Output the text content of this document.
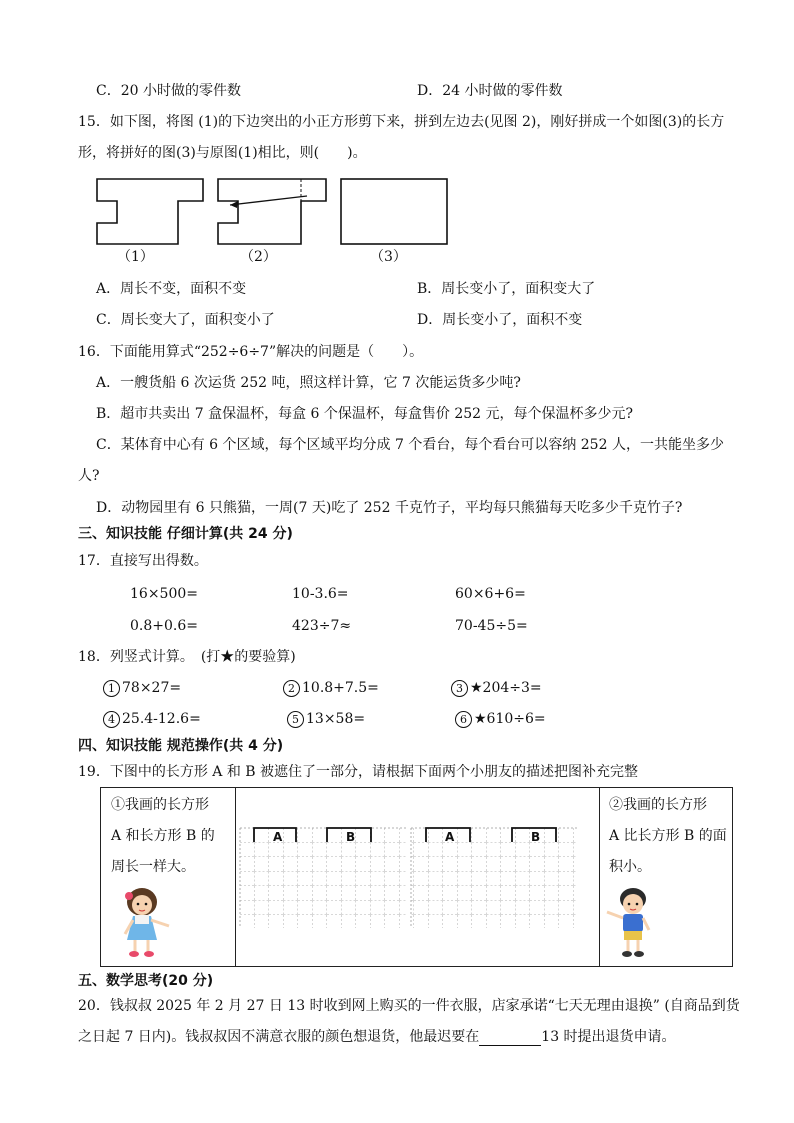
C．20 小时做的零件数	D．24 小时做的零件数
15．如下图，将图 (1)的下边突出的小正方形剪下来，拼到左边去(见图 2)，刚好拼成一个如图(3)的长方
形，将拼好的图(3)与原图(1)相比，则(　　)。
（1）	（2）	（3）
A．周长不变，面积不变	B．周长变小了，面积变大了
C．周长变大了，面积变小了	D．周长变小了，面积不变
16．下面能用算式“252÷6÷7”解决的问题是（　　）。
A．一艘货船 6 次运货 252 吨，照这样计算，它 7 次能运货多少吨?
B．超市共卖出 7 盒保温杯，每盒 6 个保温杯，每盒售价 252 元，每个保温杯多少元?
C．某体育中心有 6 个区域，每个区域平均分成 7 个看台，每个看台可以容纳 252 人，一共能坐多少
人?
D．动物园里有 6 只熊猫，一周(7 天)吃了 252 千克竹子，平均每只熊猫每天吃多少千克竹子?
三、知识技能 仔细计算(共 24 分)
17．直接写出得数。
16×500=	10-3.6=	60×6+6=
0.8+0.6=	423÷7≈	70-45÷5=
18．列竖式计算。　(打★的要验算)
1 78×27=	2 10.8+7.5=	3 ★204÷3=
4 25.4-12.6=	5 13×58=	6 ★610÷6=
四、知识技能 规范操作(共 4 分)
19．下图中的长方形 A 和 B 被遮住了一部分，请根据下面两个小朋友的描述把图补充完整
①我画的长方形
A 和长方形 B 的
周长一样大。
②我画的长方形
A 比长方形 B 的面
积小。
A	B	A	B
五、数学思考(20 分)
20．钱叔叔 2025 年 2 月 27 日 13 时收到网上购买的一件衣服，店家承诺“七天无理由退换” (自商品到货
之日起 7 日内)。钱叔叔因不满意衣服的颜色想退货，他最迟要在	13 时提出退货申请。
